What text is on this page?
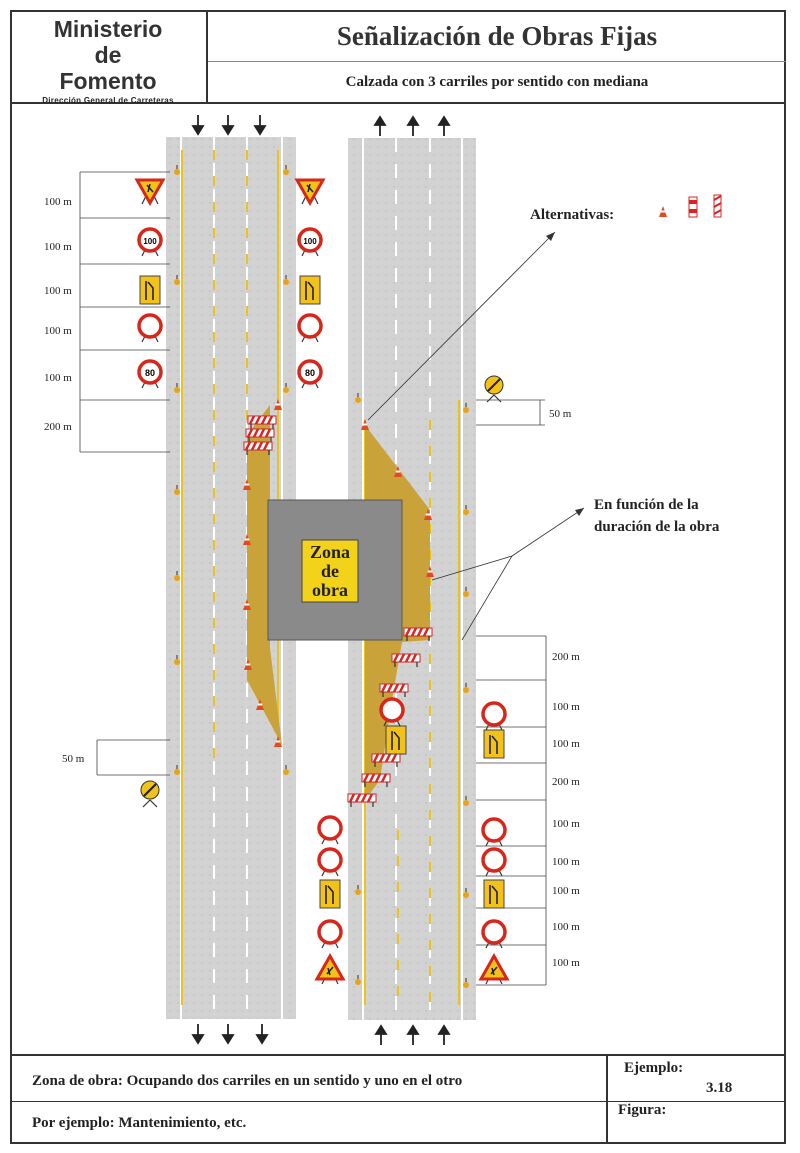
Ministerio
de
Fomento
Dirección General de Carreteras
Señalización de Obras Fijas
Calzada con 3 carriles por sentido con mediana
Zona
de
obra
100
80
100
80
100 m
100 m
100 m
100 m
100 m
200 m
50 m
50 m
200 m
100 m
100 m
200 m
100 m
100 m
100 m
100 m
100 m
Alternativas:
En función de la
duración de la obra
Zona de obra: Ocupando dos carriles en un sentido y uno en el otro
Por ejemplo: Mantenimiento, etc.
Ejemplo:
3.18
Figura:
